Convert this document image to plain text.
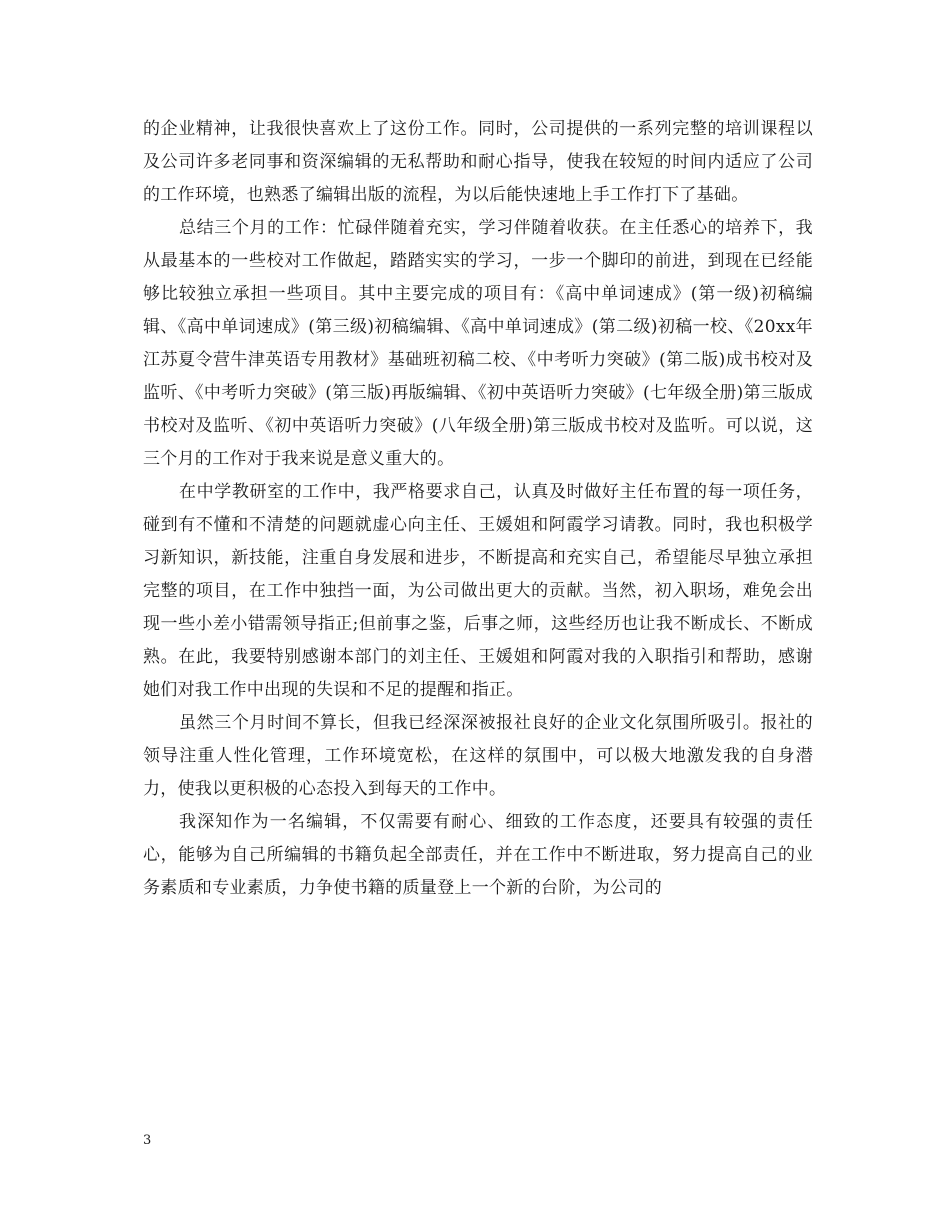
的企业精神，让我很快喜欢上了这份工作。同时，公司提供的一系列完整的培训课程以及公司许多老同事和资深编辑的无私帮助和耐心指导，使我在较短的时间内适应了公司的工作环境，也熟悉了编辑出版的流程，为以后能快速地上手工作打下了基础。

总结三个月的工作：忙碌伴随着充实，学习伴随着收获。在主任悉心的培养下，我从最基本的一些校对工作做起，踏踏实实的学习，一步一个脚印的前进，到现在已经能够比较独立承担一些项目。其中主要完成的项目有：《高中单词速成》(第一级)初稿编辑、《高中单词速成》(第三级)初稿编辑、《高中单词速成》(第二级)初稿一校、《20xx年江苏夏令营牛津英语专用教材》基础班初稿二校、《中考听力突破》(第二版)成书校对及监听、《中考听力突破》(第三版)再版编辑、《初中英语听力突破》(七年级全册)第三版成书校对及监听、《初中英语听力突破》(八年级全册)第三版成书校对及监听。可以说，这三个月的工作对于我来说是意义重大的。

在中学教研室的工作中，我严格要求自己，认真及时做好主任布置的每一项任务，碰到有不懂和不清楚的问题就虚心向主任、王媛姐和阿霞学习请教。同时，我也积极学习新知识，新技能，注重自身发展和进步，不断提高和充实自己，希望能尽早独立承担完整的项目，在工作中独挡一面，为公司做出更大的贡献。当然，初入职场，难免会出现一些小差小错需领导指正;但前事之鉴，后事之师，这些经历也让我不断成长、不断成熟。在此，我要特别感谢本部门的刘主任、王媛姐和阿霞对我的入职指引和帮助，感谢她们对我工作中出现的失误和不足的提醒和指正。

虽然三个月时间不算长，但我已经深深被报社良好的企业文化氛围所吸引。报社的领导注重人性化管理，工作环境宽松，在这样的氛围中，可以极大地激发我的自身潜力，使我以更积极的心态投入到每天的工作中。

我深知作为一名编辑，不仅需要有耐心、细致的工作态度，还要具有较强的责任心，能够为自己所编辑的书籍负起全部责任，并在工作中不断进取，努力提高自己的业务素质和专业素质，力争使书籍的质量登上一个新的台阶，为公司的

3
